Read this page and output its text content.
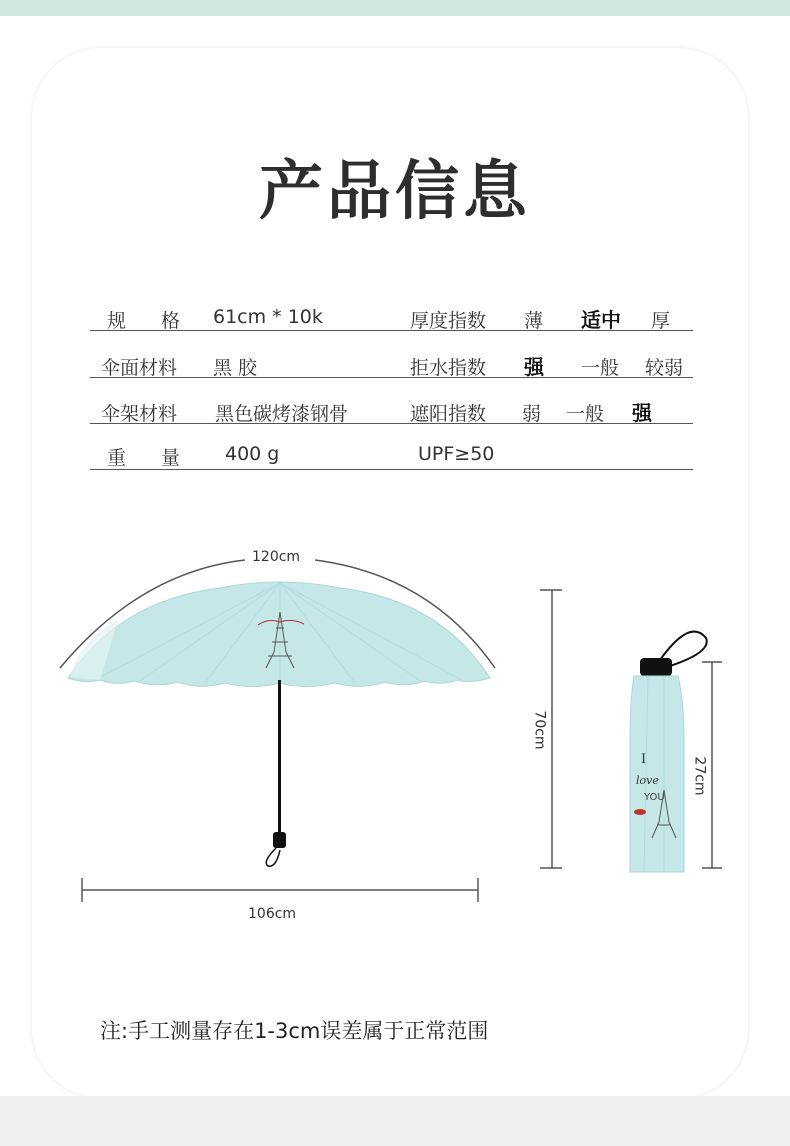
产品信息
规　格 61cm * 10k	厚度指数 薄 适中 厚
伞面材料 黑 胶	拒水指数 强 一般 较弱
伞架材料 黑色碳烤漆钢骨	遮阳指数 弱 一般 强
重　量 400 g	UPF≥50
120cm
106cm
70cm
27cm
I
love
YOU
注:手工测量存在1-3cm误差属于正常范围
